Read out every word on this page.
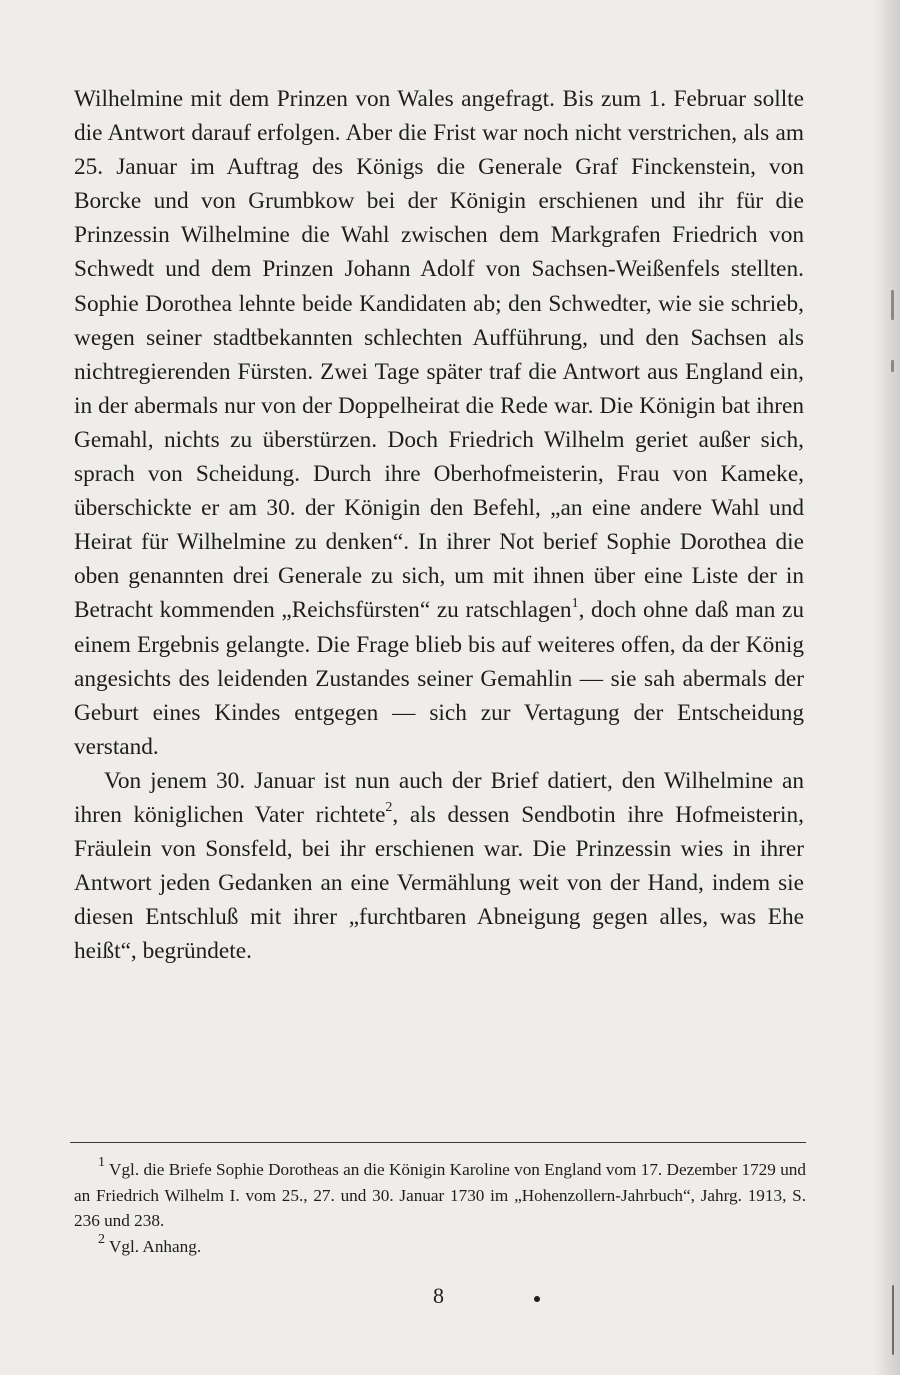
Wilhelmine mit dem Prinzen von Wales angefragt. Bis zum 1. Februar sollte die Antwort darauf erfolgen. Aber die Frist war noch nicht verstrichen, als am 25. Januar im Auftrag des Königs die Generale Graf Finckenstein, von Borcke und von Grumbkow bei der Königin erschienen und ihr für die Prinzessin Wilhelmine die Wahl zwischen dem Markgrafen Friedrich von Schwedt und dem Prinzen Johann Adolf von Sachsen-Weißenfels stellten. Sophie Dorothea lehnte beide Kandidaten ab; den Schwedter, wie sie schrieb, wegen seiner stadtbekannten schlechten Aufführung, und den Sachsen als nichtregierenden Fürsten. Zwei Tage später traf die Antwort aus England ein, in der abermals nur von der Doppelheirat die Rede war. Die Königin bat ihren Gemahl, nichts zu überstürzen. Doch Friedrich Wilhelm geriet außer sich, sprach von Scheidung. Durch ihre Oberhofmeisterin, Frau von Kameke, überschickte er am 30. der Königin den Befehl, „an eine andere Wahl und Heirat für Wilhelmine zu denken“. In ihrer Not berief Sophie Dorothea die oben genannten drei Generale zu sich, um mit ihnen über eine Liste der in Betracht kommenden „Reichsfürsten“ zu ratschlagen$^1$, doch ohne daß man zu einem Ergebnis gelangte. Die Frage blieb bis auf weiteres offen, da der König angesichts des leidenden Zustandes seiner Gemahlin — sie sah abermals der Geburt eines Kindes entgegen — sich zur Vertagung der Entscheidung verstand.

Von jenem 30. Januar ist nun auch der Brief datiert, den Wilhelmine an ihren königlichen Vater richtete$^2$, als dessen Sendbotin ihre Hofmeisterin, Fräulein von Sonsfeld, bei ihr erschienen war. Die Prinzessin wies in ihrer Antwort jeden Gedanken an eine Vermählung weit von der Hand, indem sie diesen Entschluß mit ihrer „furchtbaren Abneigung gegen alles, was Ehe heißt“, begründete.

$^1$ Vgl. die Briefe Sophie Dorotheas an die Königin Karoline von England vom 17. Dezember 1729 und an Friedrich Wilhelm I. vom 25., 27. und 30. Januar 1730 im „Hohenzollern-Jahrbuch“, Jahrg. 1913, S. 236 und 238.

$^2$ Vgl. Anhang.

8
